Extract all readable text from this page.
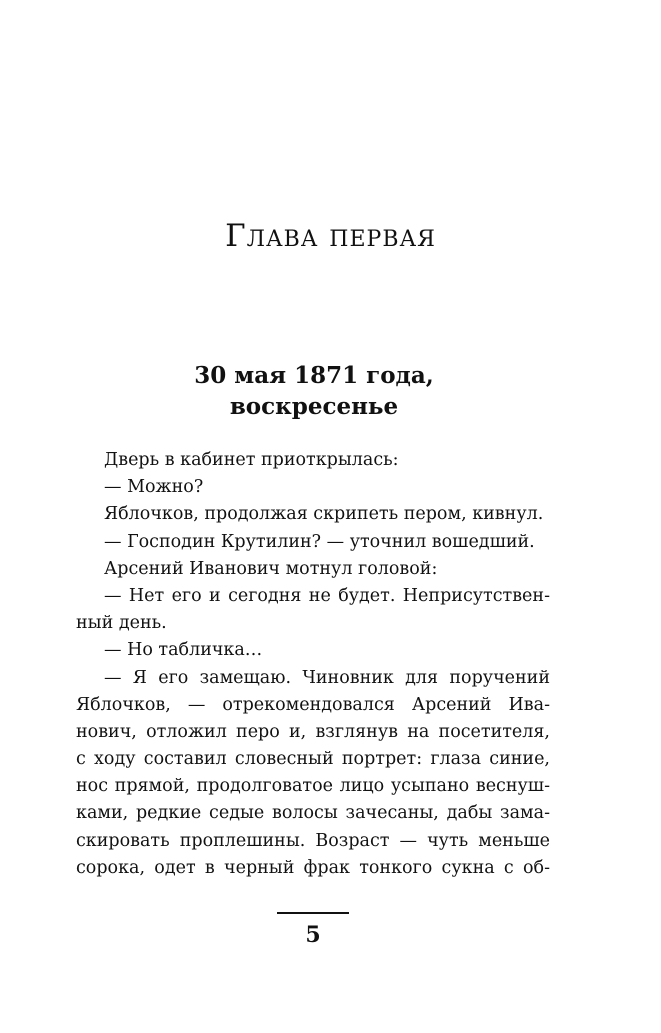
Глава первая
30 мая 1871 года,
воскресенье
Дверь в кабинет приоткрылась:
— Можно?
Яблочков, продолжая скрипеть пером, кивнул.
— Господин Крутилин? — уточнил вошедший.
Арсений Иванович мотнул головой:
— Нет его и сегодня не будет. Неприсутствен-
ный день.
— Но табличка…
— Я его замещаю. Чиновник для поручений
Яблочков, — отрекомендовался Арсений Ива-
нович, отложил перо и, взглянув на посетителя,
с ходу составил словесный портрет: глаза синие,
нос прямой, продолговатое лицо усыпано веснуш-
ками, редкие седые волосы зачесаны, дабы зама-
скировать проплешины. Возраст — чуть меньше
сорока, одет в черный фрак тонкого сукна с об-
5
